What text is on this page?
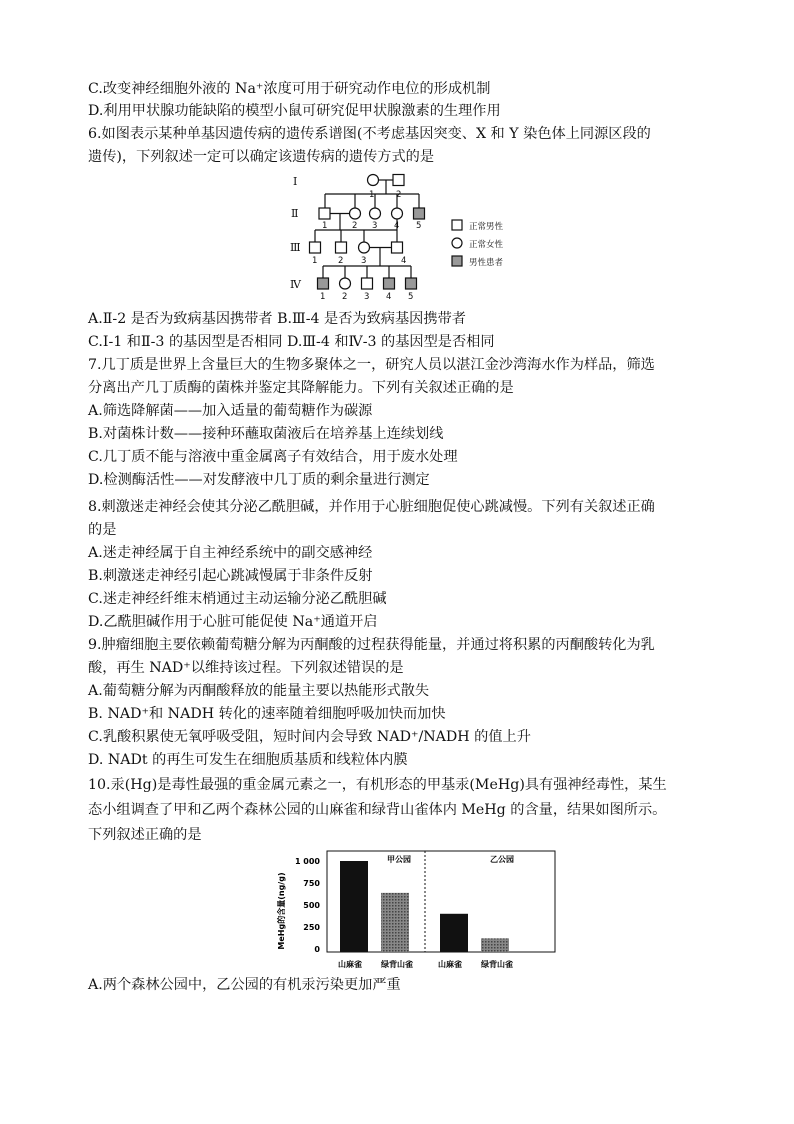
C.改变神经细胞外液的 Na⁺浓度可用于研究动作电位的形成机制
D.利用甲状腺功能缺陷的模型小鼠可研究促甲状腺激素的生理作用
6.如图表示某种单基因遗传病的遗传系谱图(不考虑基因突变、X 和 Y 染色体上同源区段的
遗传)，下列叙述一定可以确定该遗传病的遗传方式的是
Ⅰ
Ⅱ
Ⅲ
Ⅳ
1	2
1	2 3 4 5
1 2 3	4
1 2 3 4 5
正常男性
正常女性
男性患者
A.Ⅱ-2 是否为致病基因携带者 B.Ⅲ-4 是否为致病基因携带者
C.Ⅰ-1 和Ⅱ-3 的基因型是否相同 D.Ⅲ-4 和Ⅳ-3 的基因型是否相同
7.几丁质是世界上含量巨大的生物多聚体之一，研究人员以湛江金沙湾海水作为样品，筛选
分离出产几丁质酶的菌株并鉴定其降解能力。下列有关叙述正确的是
A.筛选降解菌——加入适量的葡萄糖作为碳源
B.对菌株计数——接种环蘸取菌液后在培养基上连续划线
C.几丁质不能与溶液中重金属离子有效结合，用于废水处理
D.检测酶活性——对发酵液中几丁质的剩余量进行测定
8.刺激迷走神经会使其分泌乙酰胆碱，并作用于心脏细胞促使心跳减慢。下列有关叙述正确
的是
A.迷走神经属于自主神经系统中的副交感神经
B.刺激迷走神经引起心跳减慢属于非条件反射
C.迷走神经纤维末梢通过主动运输分泌乙酰胆碱
D.乙酰胆碱作用于心脏可能促使 Na⁺通道开启
9.肿瘤细胞主要依赖葡萄糖分解为丙酮酸的过程获得能量，并通过将积累的丙酮酸转化为乳
酸，再生 NAD⁺以维持该过程。下列叙述错误的是
A.葡萄糖分解为丙酮酸释放的能量主要以热能形式散失
B. NAD⁺和 NADH 转化的速率随着细胞呼吸加快而加快
C.乳酸积累使无氧呼吸受阻，短时间内会导致 NAD⁺/NADH 的值上升
D. NADt 的再生可发生在细胞质基质和线粒体内膜
10.汞(Hg)是毒性最强的重金属元素之一，有机形态的甲基汞(MeHg)具有强神经毒性，某生
态小组调查了甲和乙两个森林公园的山麻雀和绿背山雀体内 MeHg 的含量，结果如图所示。
下列叙述正确的是
MeHg的含量(ng/g)
1 000
750
500
250
0
甲公园	乙公园
山麻雀 绿背山雀	山麻雀 绿背山雀
A.两个森林公园中，乙公园的有机汞污染更加严重
